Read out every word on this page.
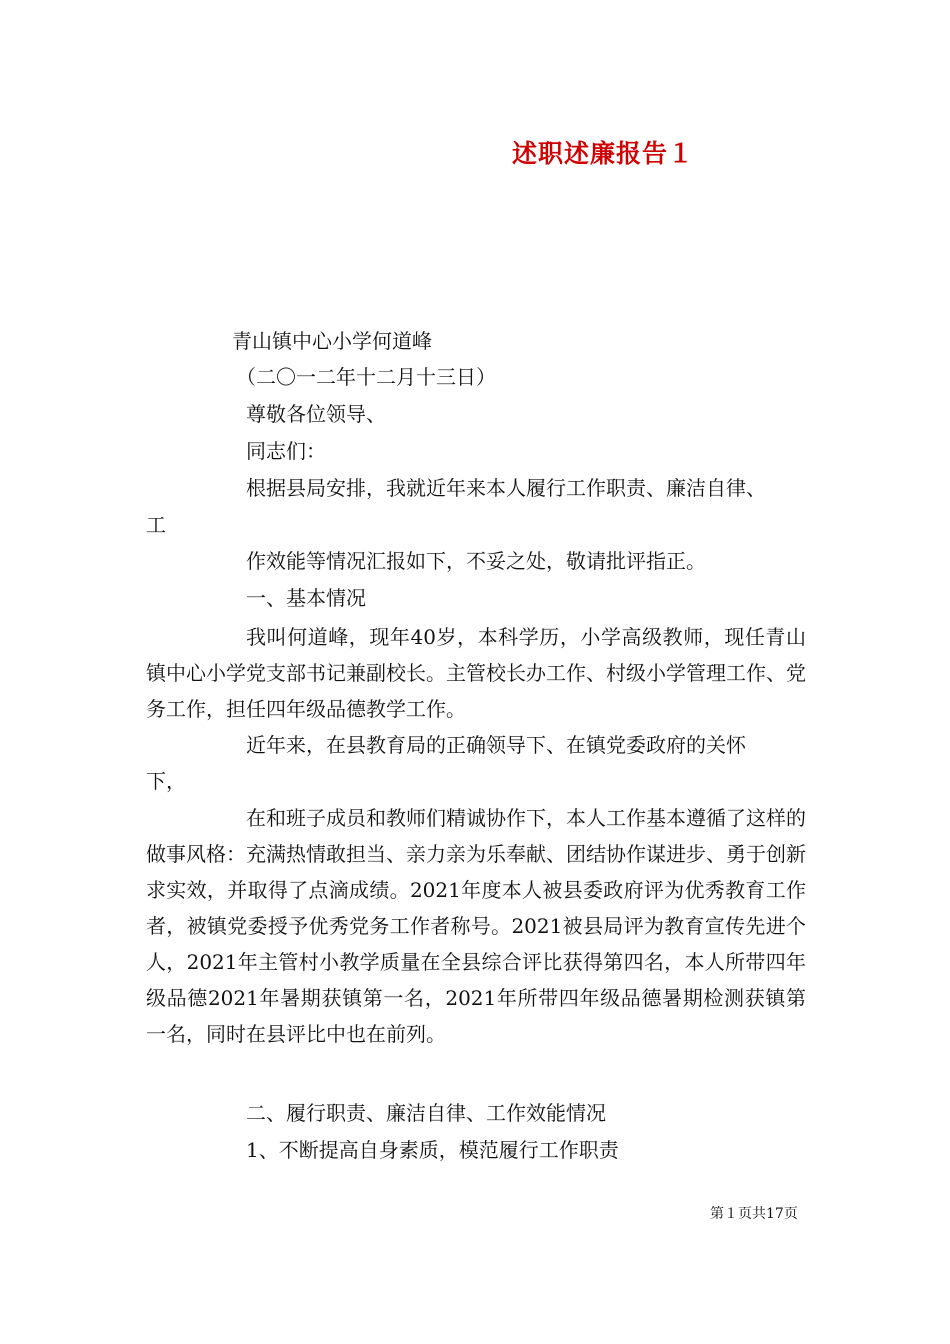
述职述廉报告１
青山镇中心小学何道峰
（二〇一二年十二月十三日）
尊敬各位领导、
同志们：
根据县局安排，我就近年来本人履行工作职责、廉洁自律、
工
作效能等情况汇报如下，不妥之处，敬请批评指正。
一、基本情况
我叫何道峰，现年40岁，本科学历，小学高级教师，现任青山镇中心小学党支部书记兼副校长。主管校长办工作、村级小学管理工作、党务工作，担任四年级品德教学工作。
近年来，在县教育局的正确领导下、在镇党委政府的关怀
下，
在和班子成员和教师们精诚协作下，本人工作基本遵循了这样的做事风格：充满热情敢担当、亲力亲为乐奉献、团结协作谋进步、勇于创新求实效，并取得了点滴成绩。2021年度本人被县委政府评为优秀教育工作者，被镇党委授予优秀党务工作者称号。2021被县局评为教育宣传先进个人，2021年主管村小教学质量在全县综合评比获得第四名，本人所带四年级品德2021年暑期获镇第一名，2021年所带四年级品德暑期检测获镇第一名，同时在县评比中也在前列。
二、履行职责、廉洁自律、工作效能情况
1、不断提高自身素质，模范履行工作职责
第１页共17页
